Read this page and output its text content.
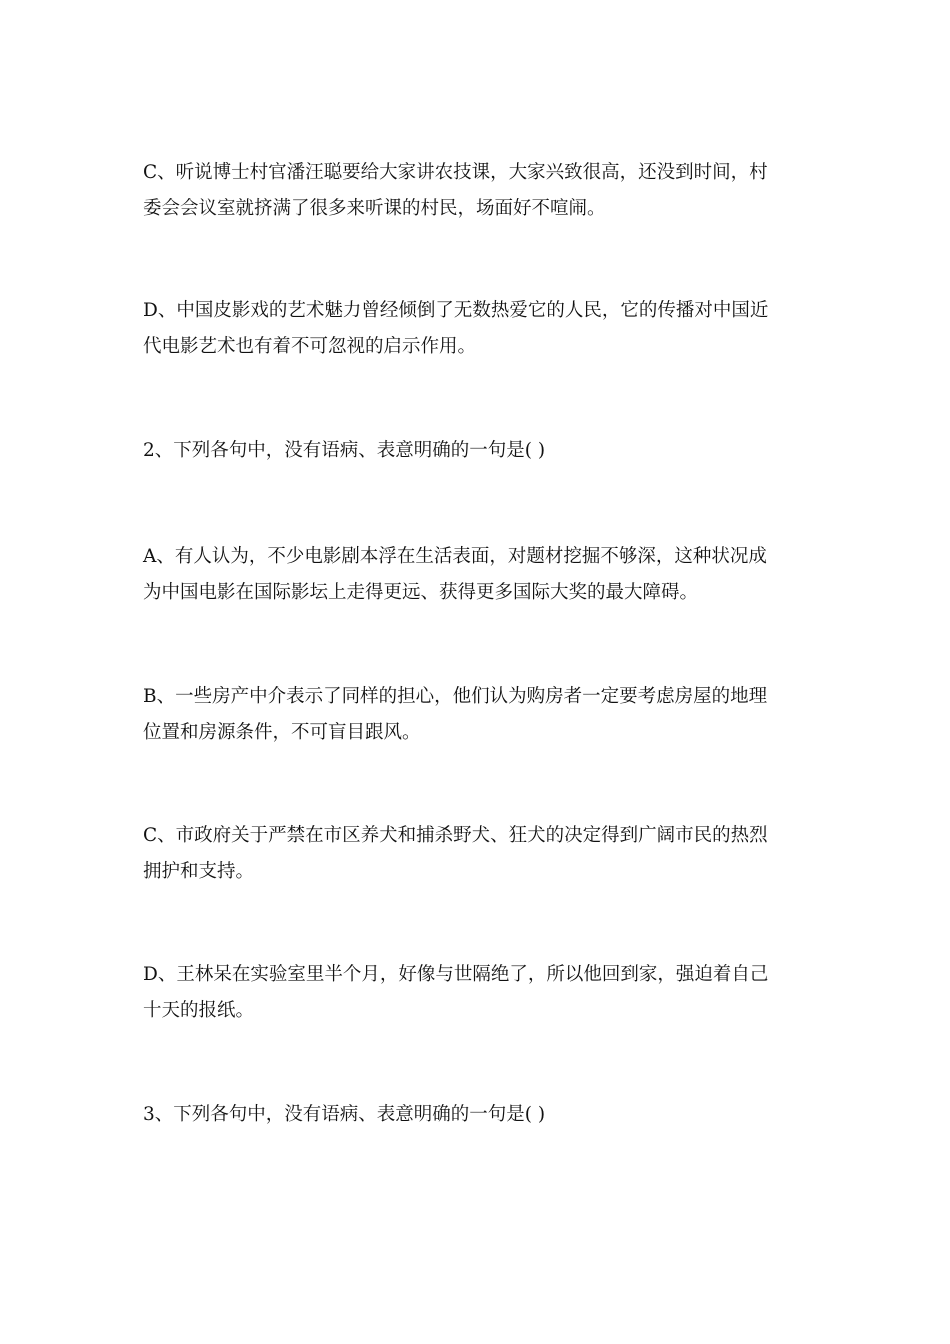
C、听说博士村官潘汪聪要给大家讲农技课，大家兴致很高，还没到时间，村
委会会议室就挤满了很多来听课的村民，场面好不喧闹。

D、中国皮影戏的艺术魅力曾经倾倒了无数热爱它的人民，它的传播对中国近
代电影艺术也有着不可忽视的启示作用。

2、下列各句中，没有语病、表意明确的一句是( )

A、有人认为，不少电影剧本浮在生活表面，对题材挖掘不够深，这种状况成
为中国电影在国际影坛上走得更远、获得更多国际大奖的最大障碍。

B、一些房产中介表示了同样的担心，他们认为购房者一定要考虑房屋的地理
位置和房源条件，不可盲目跟风。

C、市政府关于严禁在市区养犬和捕杀野犬、狂犬的决定得到广阔市民的热烈
拥护和支持。

D、王林呆在实验室里半个月，好像与世隔绝了，所以他回到家，强迫着自己
十天的报纸。

3、下列各句中，没有语病、表意明确的一句是( )
